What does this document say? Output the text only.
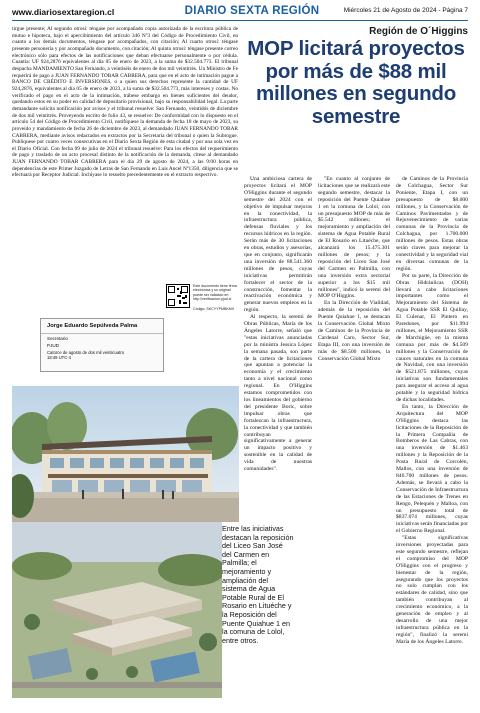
www.diariosextaregion.cl	DIARIO SEXTA REGIÓN	Miércoles 21 de Agosto de 2024 - Página 7
tirgue presente; Al segundo otrosí: téngase por acompañado copia autorizada de la escritura pública de mutuo e hipoteca, bajo el apercibimiento del artículo 346 Nº3 del Código de Procedimiento Civil, en cuanto a los demás documentos, téngase por acompañados, con citación; Al cuarto otrosí: téngase presente personería y por acompañado documento, con citación; Al quinto otrosí: téngase presente correo electrónico sólo para efectos de las notificaciones que deban efectuarse personalmente o por cédula. Cuantía: UF 924,2876 equivalentes al día 05 de enero de 2023, a la suma de $32.504.773. El tribunal despacha MANDAMIENTO San Fernando, a veintiséis de enero de dos mil veintitrés. Un Ministro de Fe requerirá de pago a JUAN FERNANDO TOBAR CABRERA, para que en el acto de intimación pague a BANCO DE CRÉDITO E INVERSIONES, o a quien sus derechos represente la cantidad de UF 924,2876, equivalentes al día 05 de enero de 2023, a la suma de $32.504.773, más intereses y costas. No verificado el pago en el acto de la intimación, trábese embargo en bienes suficientes del deudor, quedando estos en su poder en calidad de depositario provisional, bajo su responsabilidad legal. La parte demandante solicita notificación por avisos y el tribunal resuelve: San Fernando, veintidós de diciembre de dos mil veintitrés. Proveyendo escrito de folio 43, se resuelve: De conformidad con lo dispuesto en el artículo 54 del Código de Procedimiento Civil, notifíquese la demanda de fecha 18 de mayo de 2023, su proveído y mandamiento de fecha 26 de diciembre de 2023, al demandado JUAN FERNANDO TOBAR CABRERA, mediante avisos redactados en extractos por la Secretaria del tribunal o quien la Subrogue. Publíquese por cuatro veces consecutivas en el Diario Sexta Región de esta ciudad y por una sola vez en el Diario Oficial. Con fecha 09 de julio de 2024 el tribunal resuelve: Para los efectos del requerimiento de pago y traslado de un acto procesal distinto de la notificación de la demanda, cítese al demandado JUAN FERNANDO TOBAR CABRERA para el día 29 de agosto de 2024, a las 9:00 horas en dependencias de este Primer Juzgado de Letras de San Fernando en Luis Ancel Nº1350, diligencia que se efectuará por Receptor Judicial. Inclúyase lo resuelto precedentemente en el extracto respectivo.
Este documento tiene firma electrónica y su original puede ser validado en http://verificacion.pjud.cl
Código: SKCYYPMBKMX
Jorge Eduardo Sepúlveda Palma
Secretario
PJUD
Catorce de agosto de dos mil veinticuatro 18:49 UTC-4
Entre las iniciativas destacan la reposición del Liceo San José del Carmen en Palmilla; el mejoramiento y ampliación del sistema de Agua Potable Rural de El Rosario en Lituéche y la Reposición del Puente Quiahue 1 en la comuna de Lolol, entre otros.
Región de O´Higgins
MOP licitará proyectos por más de $88 mil millones en segundo semestre

Una ambiciosa cartera de proyectos licitará el MOP O'Higgins durante el segundo semestre del 2024 con el objetivo de impulsar mejoras en la conectividad, la infraestructura pública, defensas fluviales y los recursos hídricos en la región. Serán más de 30 licitaciones en obras, estudios y asesorías, que en conjunto, significarán una inversión de 88.541.360 millones de pesos, cuyas iniciativas permitirán fortalecer el sector de la construcción, fomentar la reactivación económica y generar nuevos empleos en la región.

Al respecto, la seremi de Obras Públicas, María de los Ángeles Latorre, señaló que "estas iniciativas anunciadas por la ministra Jessica López la semana pasada, son parte de la cartera de licitaciones que apuntan a potenciar la economía y el crecimiento tanto a nivel nacional como regional. En O'Higgins estamos comprometidos con los lineamientos del gobierno del presidente Boric, sobre impulsar obras que fortalezcan la infraestructura, la conectividad y que también contribuyan significativamente a generar un impacto positivo y sostenible en la calidad de vida de nuestras comunidades".

"En cuanto al conjunto de licitaciones que se realizará este segundo semestre, destacar la reposición del Puente Quiahue 1 en la comuna de Lolol, con un presupuesto MOP de más de $5.542 millones; el mejoramiento y ampliación del sistema de Agua Potable Rural de El Rosario en Lituéche, que alcanzará los 15.475.301 millones de pesos; y la reposición del Liceo San José del Carmen en Palmilla, con una inversión extra sectorial superior a los $15 mil millones", indicó la seremi del MOP O'Higgins.

En la Dirección de Vialidad, además de la reposición del Puente Quiahue 1, se destacan la Conservación Global Mixto de Caminos de la Provincia de Cardenal Caro, Sector Sur, Etapa III, con una inversión de más de $8.500 millones, la Conservación Global Mixto

de Caminos de la Provincia de Colchagua, Sector Sur Poniente, Etapa I, con un presupuesto de $8.000 millones, y la Conservación de Caminos Pavimentados y de Rejuvenecimiento de varias comunas de la Provincia de Colchagua, por 1.700.000 millones de pesos. Estas obras serán claves para mejorar la conectividad y la seguridad vial en diversas comunas de la región.

Por su parte, la Dirección de Obras Hidráulicas (DOH) llevará a cabo licitaciones importantes como el Mejoramiento del Sistema de Agua Potable SSR El Quillay, El Culenar, El Pintero en Paredones, por $11.994 millones, el Mejoramiento SSR de Marchigüe, en la misma comuna por más de $4.509 millones y la Conservación de cauces naturales en la comuna de Navidad, con una inversión de $521.875 millones, cuyas iniciativas son fundamentales para asegurar el acceso al agua potable y la seguridad hídrica de dichas localidades.

En tanto, la Dirección de Arquitectura del MOP O'Higgins destaca las licitaciones de la Reposición de la Primera Compañía de Bomberos de Las Cabras, con una inversión de $1.463 millones y la Reposición de la Posta Rural de Corcolén, Mallos, con una inversión de 846.700 millones de pesos. Además, se llevará a cabo la Conservación de Infraestructura de las Estaciones de Trenes en Rengo, Pelequén y Malloa, con un presupuesto total de $837.074 millones, cuyas iniciativas serán financiadas por el Gobierno Regional.

"Estas significativas inversiones proyectadas para este segundo semestre, reflejan el compromiso del MOP O'Higgins con el progreso y bienestar de la región, asegurando que los proyectos no solo cumplan con los estándares de calidad, sino que también contribuyan al crecimiento económico, a la generación de empleo y al desarrollo de una mejor infraestructura pública en la región", finalizó la seremi María de los Ángeles Latorre.
